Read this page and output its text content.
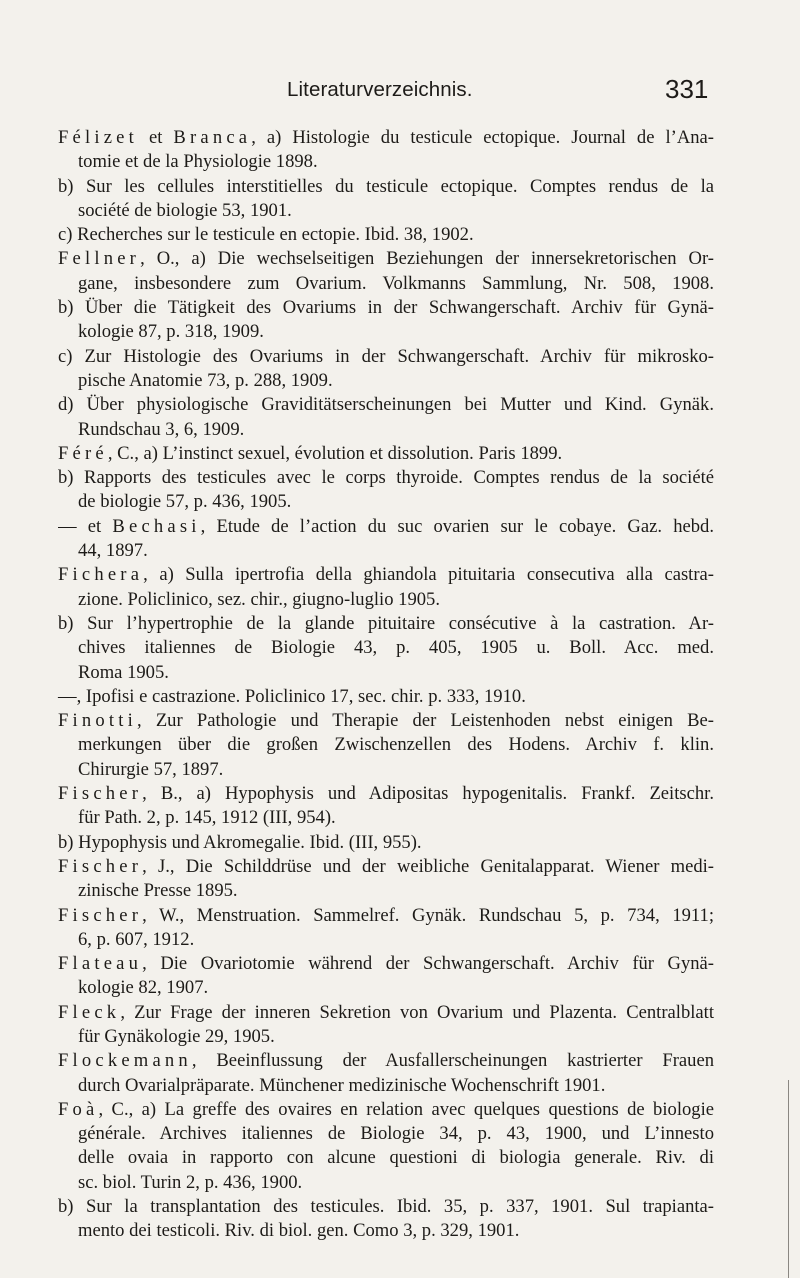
Literaturverzeichnis.	331
Félizet et Branca, a) Histologie du testicule ectopique. Journal de l’Ana-
tomie et de la Physiologie 1898.
b) Sur les cellules interstitielles du testicule ectopique. Comptes rendus de la
société de biologie 53, 1901.
c) Recherches sur le testicule en ectopie. Ibid. 38, 1902.
Fellner, O., a) Die wechselseitigen Beziehungen der innersekretorischen Or-
gane, insbesondere zum Ovarium. Volkmanns Sammlung, Nr. 508, 1908.
b) Über die Tätigkeit des Ovariums in der Schwangerschaft. Archiv für Gynä-
kologie 87, p. 318, 1909.
c) Zur Histologie des Ovariums in der Schwangerschaft. Archiv für mikrosko-
pische Anatomie 73, p. 288, 1909.
d) Über physiologische Graviditätserscheinungen bei Mutter und Kind. Gynäk.
Rundschau 3, 6, 1909.
Féré, C., a) L’instinct sexuel, évolution et dissolution. Paris 1899.
b) Rapports des testicules avec le corps thyroide. Comptes rendus de la société
de biologie 57, p. 436, 1905.
— et Bechasi, Etude de l’action du suc ovarien sur le cobaye. Gaz. hebd.
44, 1897.
Fichera, a) Sulla ipertrofia della ghiandola pituitaria consecutiva alla castra-
zione. Policlinico, sez. chir., giugno-luglio 1905.
b) Sur l’hypertrophie de la glande pituitaire consécutive à la castration. Ar-
chives italiennes de Biologie 43, p. 405, 1905 u. Boll. Acc. med.
Roma 1905.
—, Ipofisi e castrazione. Policlinico 17, sec. chir. p. 333, 1910.
Finotti, Zur Pathologie und Therapie der Leistenhoden nebst einigen Be-
merkungen über die großen Zwischenzellen des Hodens. Archiv f. klin.
Chirurgie 57, 1897.
Fischer, B., a) Hypophysis und Adipositas hypogenitalis. Frankf. Zeitschr.
für Path. 2, p. 145, 1912 (III, 954).
b) Hypophysis und Akromegalie. Ibid. (III, 955).
Fischer, J., Die Schilddrüse und der weibliche Genitalapparat. Wiener medi-
zinische Presse 1895.
Fischer, W., Menstruation. Sammelref. Gynäk. Rundschau 5, p. 734, 1911;
6, p. 607, 1912.
Flateau, Die Ovariotomie während der Schwangerschaft. Archiv für Gynä-
kologie 82, 1907.
Fleck, Zur Frage der inneren Sekretion von Ovarium und Plazenta. Centralblatt
für Gynäkologie 29, 1905.
Flockemann, Beeinflussung der Ausfallerscheinungen kastrierter Frauen
durch Ovarialpräparate. Münchener medizinische Wochenschrift 1901.
Foà, C., a) La greffe des ovaires en relation avec quelques questions de biologie
générale. Archives italiennes de Biologie 34, p. 43, 1900, und L’innesto
delle ovaia in rapporto con alcune questioni di biologia generale. Riv. di
sc. biol. Turin 2, p. 436, 1900.
b) Sur la transplantation des testicules. Ibid. 35, p. 337, 1901. Sul trapianta-
mento dei testicoli. Riv. di biol. gen. Como 3, p. 329, 1901.
